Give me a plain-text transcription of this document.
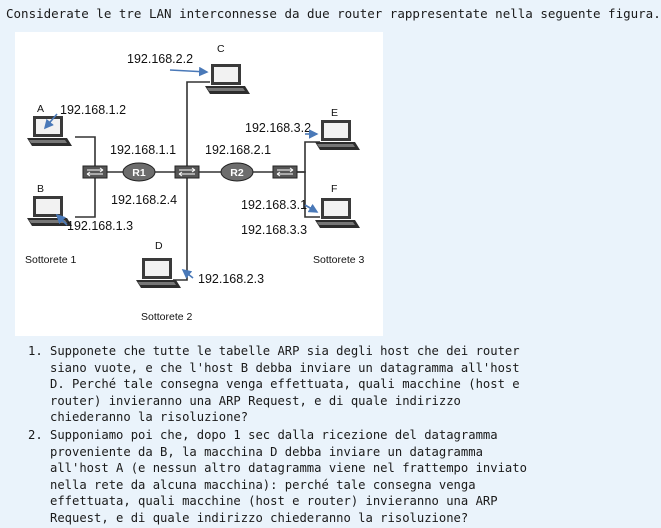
Considerate le tre LAN interconnesse da due router rappresentate nella seguente figura.
R1	R2
A
B
C
D
E
F
192.168.1.2
192.168.1.3
192.168.1.1
192.168.2.4
192.168.2.2
192.168.2.1
192.168.2.3
192.168.3.2
192.168.3.1
192.168.3.3
Sottorete 1
Sottorete 2
Sottorete 3
1. Supponete che tutte le tabelle ARP sia degli host che dei router siano vuote, e che l'host B debba inviare un datagramma all'host D. Perché tale consegna venga effettuata, quali macchine (host e router) invieranno una ARP Request, e di quale indirizzo chiederanno la risoluzione?
2. Supponiamo poi che, dopo 1 sec dalla ricezione del datagramma proveniente da B, la macchina D debba inviare un datagramma all'host A (e nessun altro datagramma viene nel frattempo inviato nella rete da alcuna macchina): perché tale consegna venga effettuata, quali macchine (host e router) invieranno una ARP Request, e di quale indirizzo chiederanno la risoluzione?
